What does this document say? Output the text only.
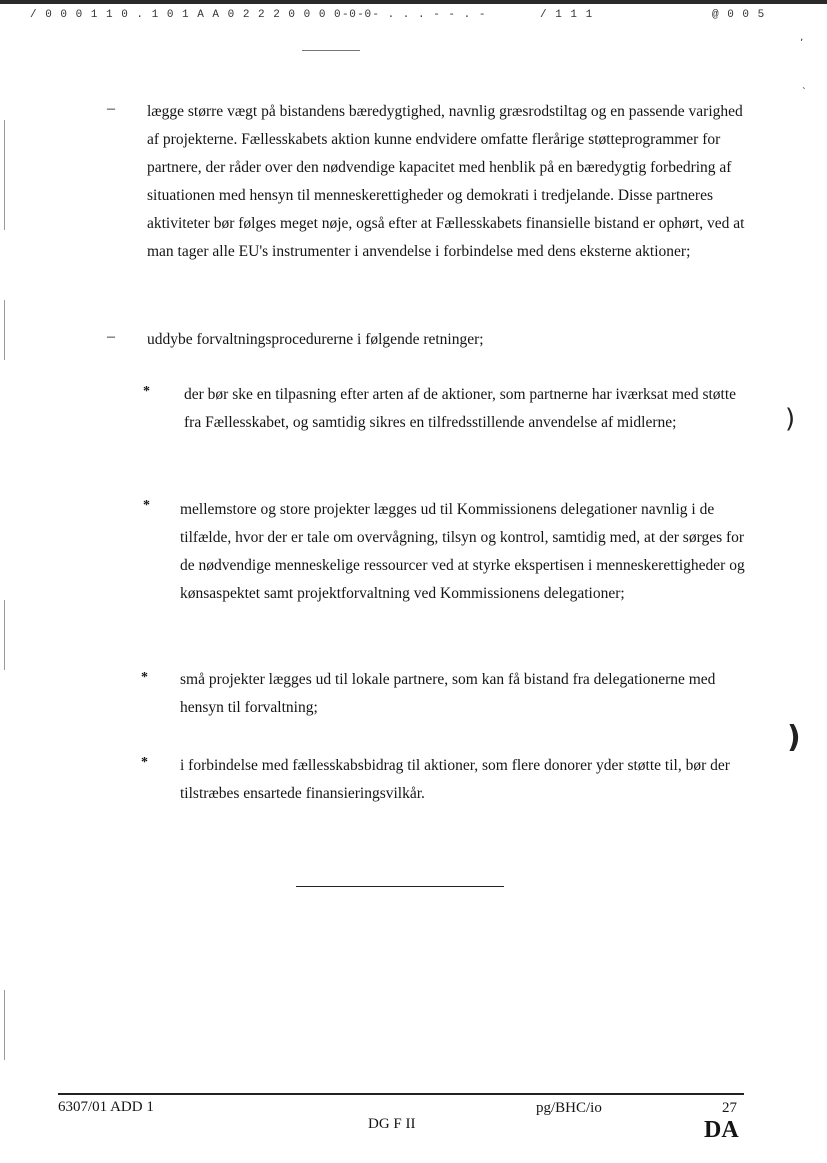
/ 0 0 0 1 1 0 . 1 0 1 A A 0 2 2 2 0 0 0 0 0 0
- - - . . . - - . -	/ 1 1 1	@ 0 0 5
ʼ
ˎ
)
)
– lægge større vægt på bistandens bæredygtighed, navnlig græsrodstiltag og en passende varighed af projekterne. Fællesskabets aktion kunne endvidere omfatte flerårige støtteprogrammer for partnere, der råder over den nødvendige kapacitet med henblik på en bæredygtig forbedring af situationen med hensyn til menneskerettigheder og demokrati i tredjelande. Disse partneres aktiviteter bør følges meget nøje, også efter at Fællesskabets finansielle bistand er ophørt, ved at man tager alle EU's instrumenter i anvendelse i forbindelse med dens eksterne aktioner;
– uddybe forvaltningsprocedurerne i følgende retninger;
* der bør ske en tilpasning efter arten af de aktioner, som partnerne har iværksat med støtte fra Fællesskabet, og samtidig sikres en tilfredsstillende anvendelse af midlerne;
* mellemstore og store projekter lægges ud til Kommissionens delegationer navnlig i de tilfælde, hvor der er tale om overvågning, tilsyn og kontrol, samtidig med, at der sørges for de nødvendige menneskelige ressourcer ved at styrke ekspertisen i menneskerettigheder og kønsaspektet samt projektforvaltning ved Kommissionens delegationer;
* små projekter lægges ud til lokale partnere, som kan få bistand fra delegationerne med hensyn til forvaltning;
* i forbindelse med fællesskabsbidrag til aktioner, som flere donorer yder støtte til, bør der tilstræbes ensartede finansieringsvilkår.
6307/01 ADD 1	pg/BHC/io	27
DG F II	DA
